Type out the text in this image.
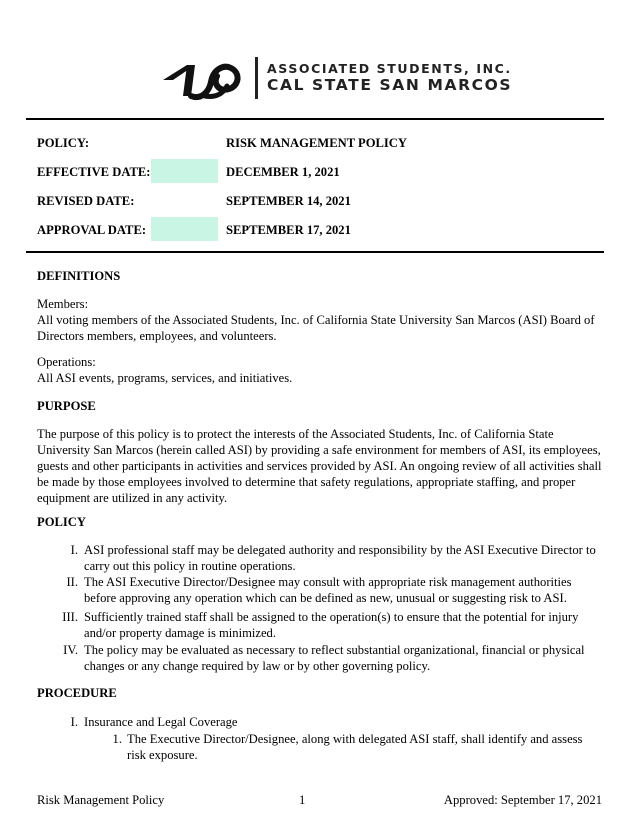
ASSOCIATED STUDENTS, INC.
CAL STATE SAN MARCOS
POLICY:	RISK MANAGEMENT POLICY
EFFECTIVE DATE:	DECEMBER 1, 2021
REVISED DATE:	SEPTEMBER 14, 2021
APPROVAL DATE:	SEPTEMBER 17, 2021
DEFINITIONS
Members:
All voting members of the Associated Students, Inc. of California State University San Marcos (ASI) Board of Directors members, employees, and volunteers.
Operations:
All ASI events, programs, services, and initiatives.
PURPOSE
The purpose of this policy is to protect the interests of the Associated Students, Inc. of California State University San Marcos (herein called ASI) by providing a safe environment for members of ASI, its employees, guests and other participants in activities and services provided by ASI. An ongoing review of all activities shall be made by those employees involved to determine that safety regulations, appropriate staffing, and proper equipment are utilized in any activity.
POLICY
I. ASI professional staff may be delegated authority and responsibility by the ASI Executive Director to carry out this policy in routine operations.
II. The ASI Executive Director/Designee may consult with appropriate risk management authorities before approving any operation which can be defined as new, unusual or suggesting risk to ASI.
III. Sufficiently trained staff shall be assigned to the operation(s) to ensure that the potential for injury and/or property damage is minimized.
IV. The policy may be evaluated as necessary to reflect substantial organizational, financial or physical changes or any change required by law or by other governing policy.
PROCEDURE
I. Insurance and Legal Coverage
1. The Executive Director/Designee, along with delegated ASI staff, shall identify and assess risk exposure.
Risk Management Policy	1	Approved: September 17, 2021
